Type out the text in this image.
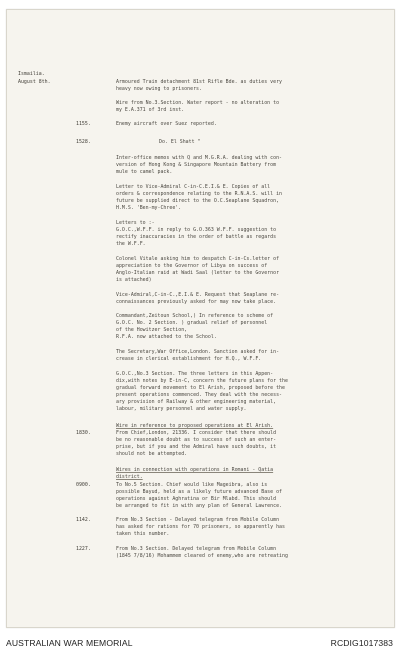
Ismailia.
August 8th.	Armoured Train detachment 81st Rifle Bde. as duties very
heavy now owing to prisoners.
Wire from No.3.Section. Water report - no alteration to
my E.A.371 of 3rd inst.
1155.	Enemy aircraft over Suez reported.
1528.	Do. El Shatt "
Inter-office memos with Q and M.G.R.A. dealing with con-
version of Hong Kong & Singapore Mountain Battery from
mule to camel pack.
Letter to Vice-Admiral C-in-C.E.I.& E. Copies of all
orders & correspondence relating to the R.N.A.S. will in
future be supplied direct to the O.C.Seaplane Squadron,
H.M.S. 'Ben-my-Chree'.
Letters to :-
G.O.C.,W.F.F. in reply to G.O.363 W.F.F. suggestion to
rectify inaccuracies in the order of battle as regards
the W.F.F.
Colonel Vitale asking him to despatch C-in-Cs.letter of
appreciation to the Governor of Libya on success of
Anglo-Italian raid at Wadi Saal (letter to the Governor
is attached)
Vice-Admiral,C-in-C.,E.I.& E. Request that Seaplane re-
connaissances previously asked for may now take place.
Commandant,Zeitoun School,) In reference to scheme of
G.O.C. No. 2 Section. ) gradual relief of personnel
of the Howitzer Section,
R.F.A. now attached to the School.
The Secretary,War Office,London. Sanction asked for in-
crease in clerical establishment for H.Q., W.F.F.
G.O.C.,No.3 Section. The three letters in this Appen-
dix,with notes by E-in-C, concern the future plans for the
gradual forward movement to El Arish, proposed before the
present operations commenced. They deal with the necess-
ary provision of Railway & other engineering material,
labour, military personnel and water supply.
Wire in reference to proposed operations at El Arish.
1830.	From Chief,London, 21336. I consider that there should
be no reasonable doubt as to success of such an enter-
prise, but if you and the Admiral have such doubts, it
should not be attempted.
Wires in connection with operations in Romani - Qatia
district.
0900.	To No.5 Section. Chief would like Mageibra, also is
possible Bayud, held as a likely future advanced Base of
operations against Aghratina or Bir Mlabd. This should
be arranged to fit in with any plan of General Lawrence.
1142.	From No.3 Section - Delayed telegram from Mobile Column
has asked for rations for 70 prisoners, so apparently has
taken this number.
1227.	From No.3 Section. Delayed telegram from Mobile Column
(1845 7/8/16) Mohammem cleared of enemy,who are retreating
AUSTRALIAN WAR MEMORIAL	RCDIG1017383
